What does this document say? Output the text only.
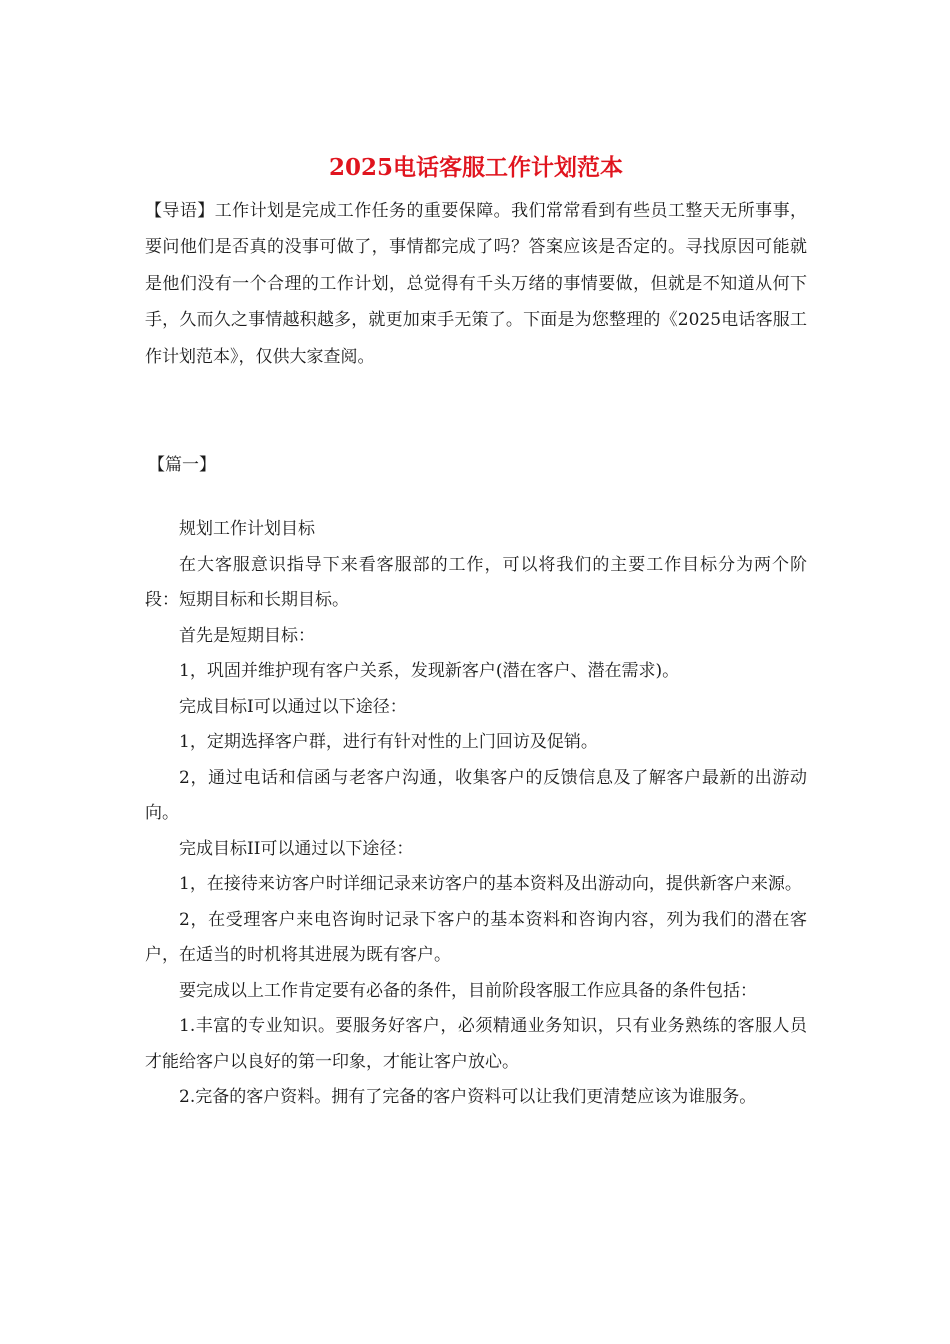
2025电话客服工作计划范本

【导语】工作计划是完成工作任务的重要保障。我们常常看到有些员工整天无所事事，要问他们是否真的没事可做了，事情都完成了吗？答案应该是否定的。寻找原因可能就是他们没有一个合理的工作计划，总觉得有千头万绪的事情要做，但就是不知道从何下手，久而久之事情越积越多，就更加束手无策了。下面是为您整理的《2025电话客服工作计划范本》，仅供大家查阅。

【篇一】

规划工作计划目标

在大客服意识指导下来看客服部的工作，可以将我们的主要工作目标分为两个阶段：短期目标和长期目标。

首先是短期目标：

1，巩固并维护现有客户关系，发现新客户(潜在客户、潜在需求)。

完成目标I可以通过以下途径：

1，定期选择客户群，进行有针对性的上门回访及促销。

2，通过电话和信函与老客户沟通，收集客户的反馈信息及了解客户最新的出游动向。

完成目标II可以通过以下途径：

1，在接待来访客户时详细记录来访客户的基本资料及出游动向，提供新客户来源。

2，在受理客户来电咨询时记录下客户的基本资料和咨询内容，列为我们的潜在客户，在适当的时机将其进展为既有客户。

要完成以上工作肯定要有必备的条件，目前阶段客服工作应具备的条件包括：

1.丰富的专业知识。要服务好客户，必须精通业务知识，只有业务熟练的客服人员才能给客户以良好的第一印象，才能让客户放心。

2.完备的客户资料。拥有了完备的客户资料可以让我们更清楚应该为谁服务。
